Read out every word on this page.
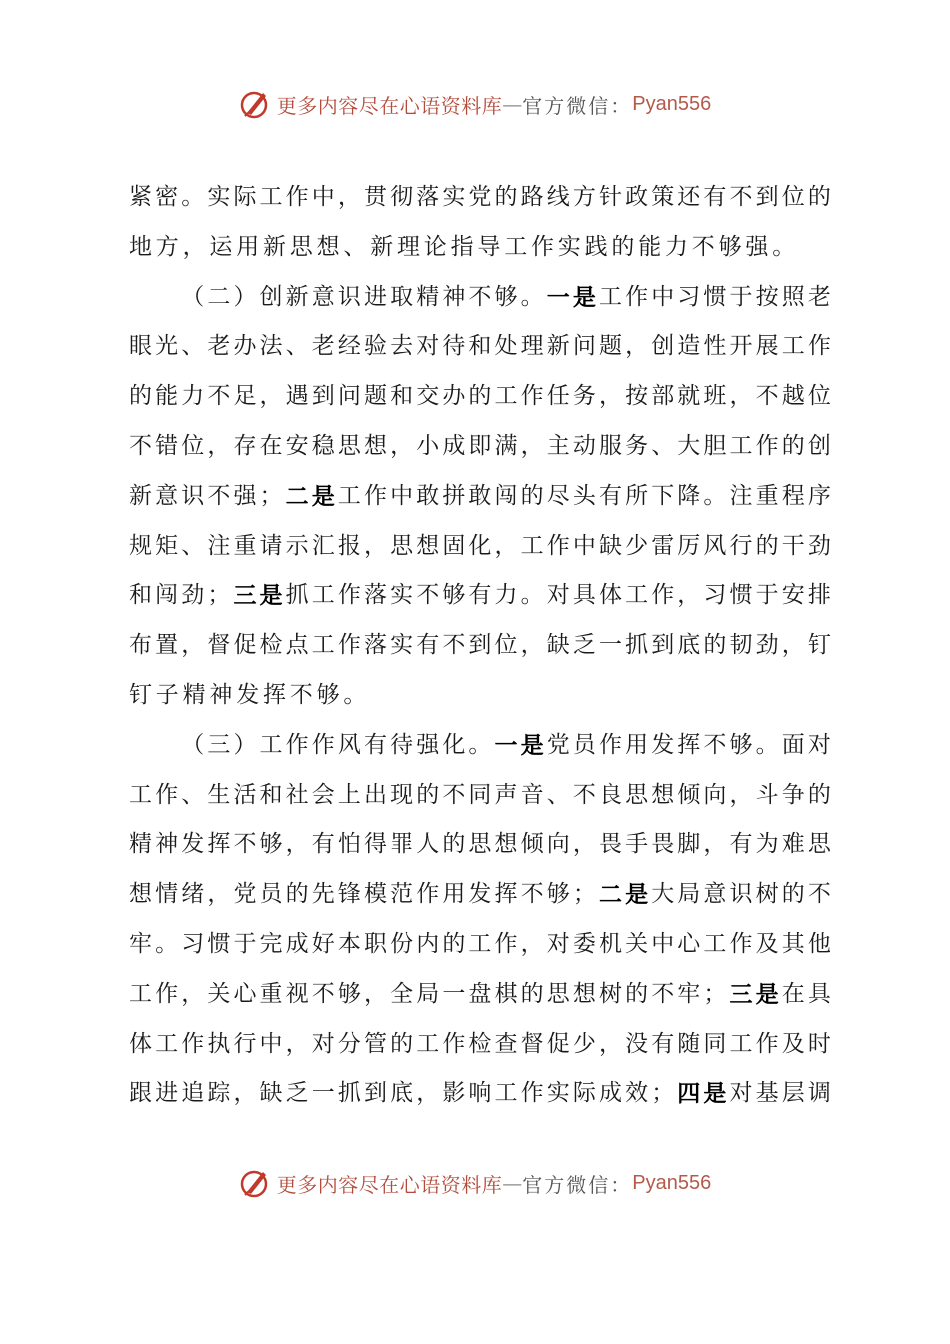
更多内容尽在心语资料库 — 官方微信： Pyan556
紧 密 。 实 际 工 作 中 ， 贯 彻 落 实 党 的 路 线 方 针 政 策 还 有 不 到 位 的
地方，运用新思想、新理论指导工作实践的能力不够强。

（ 二 ） 创 新 意 识 进 取 精 神 不 够 。 一 是 工 作 中 习 惯 于 按 照 老
眼 光 、 老 办 法 、 老 经 验 去 对 待 和 处 理 新 问 题 ， 创 造 性 开 展 工 作
的 能 力 不 足 ， 遇 到 问 题 和 交 办 的 工 作 任 务 ， 按 部 就 班 ， 不 越 位
不 错 位 ， 存 在 安 稳 思 想 ， 小 成 即 满 ， 主 动 服 务 、 大 胆 工 作 的 创
新 意 识 不 强 ； 二 是 工 作 中 敢 拼 敢 闯 的 尽 头 有 所 下 降 。 注 重 程 序
规 矩 、 注 重 请 示 汇 报 ， 思 想 固 化 ， 工 作 中 缺 少 雷 厉 风 行 的 干 劲
和 闯 劲 ； 三 是 抓 工 作 落 实 不 够 有 力 。 对 具 体 工 作 ， 习 惯 于 安 排
布 置 ， 督 促 检 点 工 作 落 实 有 不 到 位 ， 缺 乏 一 抓 到 底 的 韧 劲 ， 钉
钉子精神发挥不够。

（ 三 ） 工 作 作 风 有 待 强 化 。 一 是 党 员 作 用 发 挥 不 够 。 面 对
工 作 、 生 活 和 社 会 上 出 现 的 不 同 声 音 、 不 良 思 想 倾 向 ， 斗 争 的
精 神 发 挥 不 够 ， 有 怕 得 罪 人 的 思 想 倾 向 ， 畏 手 畏 脚 ， 有 为 难 思
想 情 绪 ， 党 员 的 先 锋 模 范 作 用 发 挥 不 够 ； 二 是 大 局 意 识 树 的 不
牢 。 习 惯 于 完 成 好 本 职 份 内 的 工 作 ， 对 委 机 关 中 心 工 作 及 其 他
工 作 ， 关 心 重 视 不 够 ， 全 局 一 盘 棋 的 思 想 树 的 不 牢 ； 三 是 在 具
体 工 作 执 行 中 ， 对 分 管 的 工 作 检 查 督 促 少 ， 没 有 随 同 工 作 及 时
跟 进 追 踪 ， 缺 乏 一 抓 到 底 ， 影 响 工 作 实 际 成 效 ； 四 是 对 基 层 调
更多内容尽在心语资料库 — 官方微信： Pyan556
